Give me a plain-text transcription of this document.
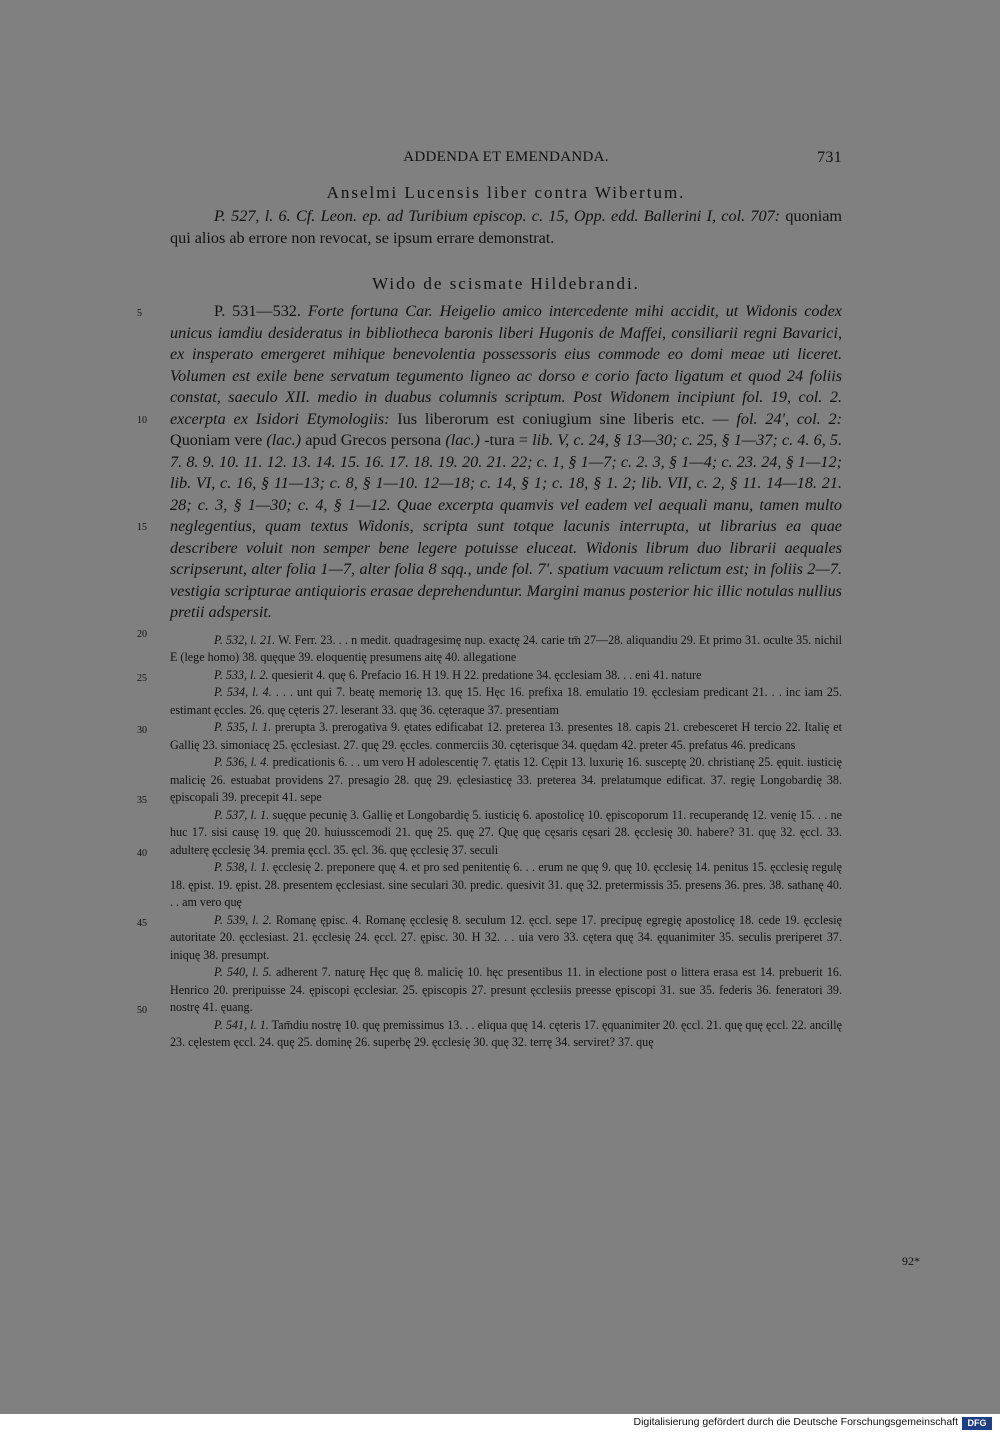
ADDENDA ET EMENDANDA.	731
Anselmi Lucensis liber contra Wibertum.

P. 527, l. 6. Cf. Leon. ep. ad Turibium episcop. c. 15, Opp. edd. Ballerini I, col. 707: quoniam qui alios ab errore non revocat, se ipsum errare demonstrat.

Wido de scismate Hildebrandi.

5
10
15
20
P. 531—532. Forte fortuna Car. Heigelio amico intercedente mihi accidit, ut Widonis codex unicus iamdiu desideratus in bibliotheca baronis liberi Hugonis de Maffei, consiliarii regni Bavarici, ex insperato emergeret mihique benevolentia possessoris eius commode eo domi meae uti liceret. Volumen est exile bene servatum tegumento ligneo ac dorso e corio facto ligatum et quod 24 foliis constat, saeculo XII. medio in duabus columnis scriptum. Post Widonem incipiunt fol. 19, col. 2. excerpta ex Isidori Etymologiis: Ius liberorum est coniugium sine liberis etc. — fol. 24', col. 2: Quoniam vere (lac.) apud Grecos persona (lac.) -tura = lib. V, c. 24, § 13—30; c. 25, § 1—37; c. 4. 6, 5. 7. 8. 9. 10. 11. 12. 13. 14. 15. 16. 17. 18. 19. 20. 21. 22; c. 1, § 1—7; c. 2. 3, § 1—4; c. 23. 24, § 1—12; lib. VI, c. 16, § 11—13; c. 8, § 1—10. 12—18; c. 14, § 1; c. 18, § 1. 2; lib. VII, c. 2, § 11. 14—18. 21. 28; c. 3, § 1—30; c. 4, § 1—12. Quae excerpta quamvis vel eadem vel aequali manu, tamen multo neglegentius, quam textus Widonis, scripta sunt totque lacunis interrupta, ut librarius ea quae describere voluit non semper bene legere potuisse eluceat. Widonis librum duo librarii aequales scripserunt, alter folia 1—7, alter folia 8 sqq., unde fol. 7'. spatium vacuum relictum est; in foliis 2—7. vestigia scripturae antiquioris erasae deprehenduntur. Margini manus posterior hic illic notulas nullius pretii adspersit.

P. 532, l. 21. W. Ferr. 23. . . n medit. quadragesimę nup. exactę 24. carie tm̄ 27—28. aliquandiu 29. Et primo 31. oculte 35. nichil E (lege homo) 38. quęque 39. eloquentię presumens aitę 40. allegatione

25	P. 533, l. 2. quesierit 4. quę 6. Prefacio 16. H 19. H 22. predatione 34. ęcclesiam 38. . . eni 41. nature

P. 534, l. 4. . . . unt qui 7. beatę memorię 13. quę 15. Hęc 16. prefixa 18. emulatio 19. ęcclesiam predicant 21. . . inc iam 25. estimant ęccles. 26. quę cęteris 27. leserant 33. quę 36. cęteraque 37. presentiam

30	P. 535, l. 1. prerupta 3. prerogativa 9. ętates edificabat 12. preterea 13. presentes 18. capis 21. crebesceret H tercio 22. Italię et Gallię 23. simoniacę 25. ęcclesiast. 27. quę 29. ęccles. conmerciis 30. cęterisque 34. quędam 42. preter 45. prefatus 46. predicans

35
P. 536, l. 4. predicationis 6. . . um vero H adolescentię 7. ętatis 12. Cępit 13. luxurię 16. susceptę 20. christianę 25. ęquit. iusticię malicię 26. estuabat providens 27. presagio 28. quę 29. ęclesiasticę 33. preterea 34. prelatumque edificat. 37. regię Longobardię 38. ępiscopali 39. precepit 41. sepe

40
P. 537, l. 1. suęque pecunię 3. Gallię et Longobardię 5. iusticię 6. apostolicę 10. ępiscoporum 11. recuperandę 12. venię 15. . . ne huc 17. sisi causę 19. quę 20. huiusscemodi 21. quę 25. quę 27. Quę quę cęsaris cęsari 28. ęcclesię 30. habere? 31. quę 32. ęccl. 33. adulterę ęcclesię 34. premia ęccl. 35. ęcl. 36. quę ęcclesię 37. seculi

P. 538, l. 1. ęcclesię 2. preponere quę 4. et pro sed penitentię 6. . . erum ne quę 9. quę 10. ęcclesię 14. penitus 15. ęcclesię regulę 18. ępist. 19. ępist. 28. presentem ęcclesiast. sine seculari 30. predic. quesivit 31. quę 32. pretermissis 35. presens 36. pres. 38. sathanę 40. . . am vero quę

45	P. 539, l. 2. Romanę ępisc. 4. Romanę ęcclesię 8. seculum 12. ęccl. sepe 17. precipuę egregię apostolicę 18. cede 19. ęcclesię autoritate 20. ęcclesiast. 21. ęcclesię 24. ęccl. 27. ępisc. 30. H 32. . . uia vero 33. cętera quę 34. ęquanimiter 35. seculis preriperet 37. iniquę 38. presumpt.

50
P. 540, l. 5. adherent 7. naturę Hęc quę 8. malicię 10. hęc presentibus 11. in electione post o littera erasa est 14. prebuerit 16. Henrico 20. preripuisse 24. ępiscopi ęcclesiar. 25. ępiscopis 27. presunt ęcclesiis preesse ępiscopi 31. sue 35. federis 36. feneratori 39. nostrę 41. ęuang.

P. 541, l. 1. Tam̄diu nostrę 10. quę premissimus 13. . . eliqua quę 14. cęteris 17. ęquanimiter 20. ęccl. 21. quę quę ęccl. 22. ancillę 23. cęlestem ęccl. 24. quę 25. dominę 26. superbę 29. ęcclesię 30. quę 32. terrę 34. serviret? 37. quę

92*
Digitalisierung gefördert durch die Deutsche Forschungsgemeinschaft	DFG
